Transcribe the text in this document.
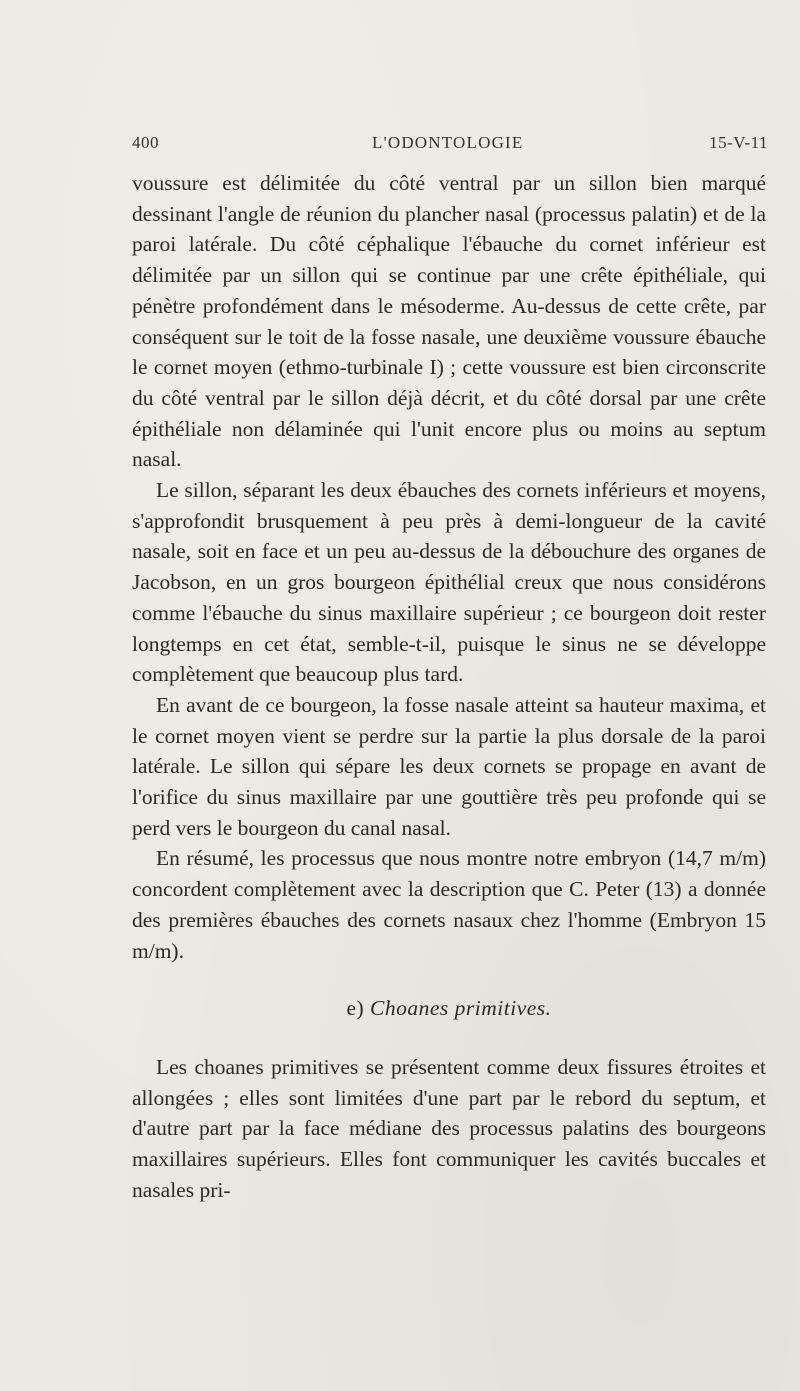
400	L'ODONTOLOGIE	15-V-11

voussure est délimitée du côté ventral par un sillon bien marqué dessinant l'angle de réunion du plancher nasal (processus palatin) et de la paroi latérale. Du côté céphalique l'ébauche du cornet inférieur est délimitée par un sillon qui se continue par une crête épithéliale, qui pénètre profondément dans le mésoderme. Au-dessus de cette crête, par conséquent sur le toit de la fosse nasale, une deuxième voussure ébauche le cornet moyen (ethmo-turbinale I) ; cette voussure est bien circonscrite du côté ventral par le sillon déjà décrit, et du côté dorsal par une crête épithéliale non délaminée qui l'unit encore plus ou moins au septum nasal.

Le sillon, séparant les deux ébauches des cornets inférieurs et moyens, s'approfondit brusquement à peu près à demi-longueur de la cavité nasale, soit en face et un peu au-dessus de la débouchure des organes de Jacobson, en un gros bourgeon épithélial creux que nous considérons comme l'ébauche du sinus maxillaire supérieur ; ce bourgeon doit rester longtemps en cet état, semble-t-il, puisque le sinus ne se développe complètement que beaucoup plus tard.

En avant de ce bourgeon, la fosse nasale atteint sa hauteur maxima, et le cornet moyen vient se perdre sur la partie la plus dorsale de la paroi latérale. Le sillon qui sépare les deux cornets se propage en avant de l'orifice du sinus maxillaire par une gouttière très peu profonde qui se perd vers le bourgeon du canal nasal.

En résumé, les processus que nous montre notre embryon (14,7 m/m) concordent complètement avec la description que C. Peter (13) a donnée des premières ébauches des cornets nasaux chez l'homme (Embryon 15 m/m).

e) Choanes primitives.

Les choanes primitives se présentent comme deux fissures étroites et allongées ; elles sont limitées d'une part par le rebord du septum, et d'autre part par la face médiane des processus palatins des bourgeons maxillaires supérieurs. Elles font communiquer les cavités buccales et nasales pri-
